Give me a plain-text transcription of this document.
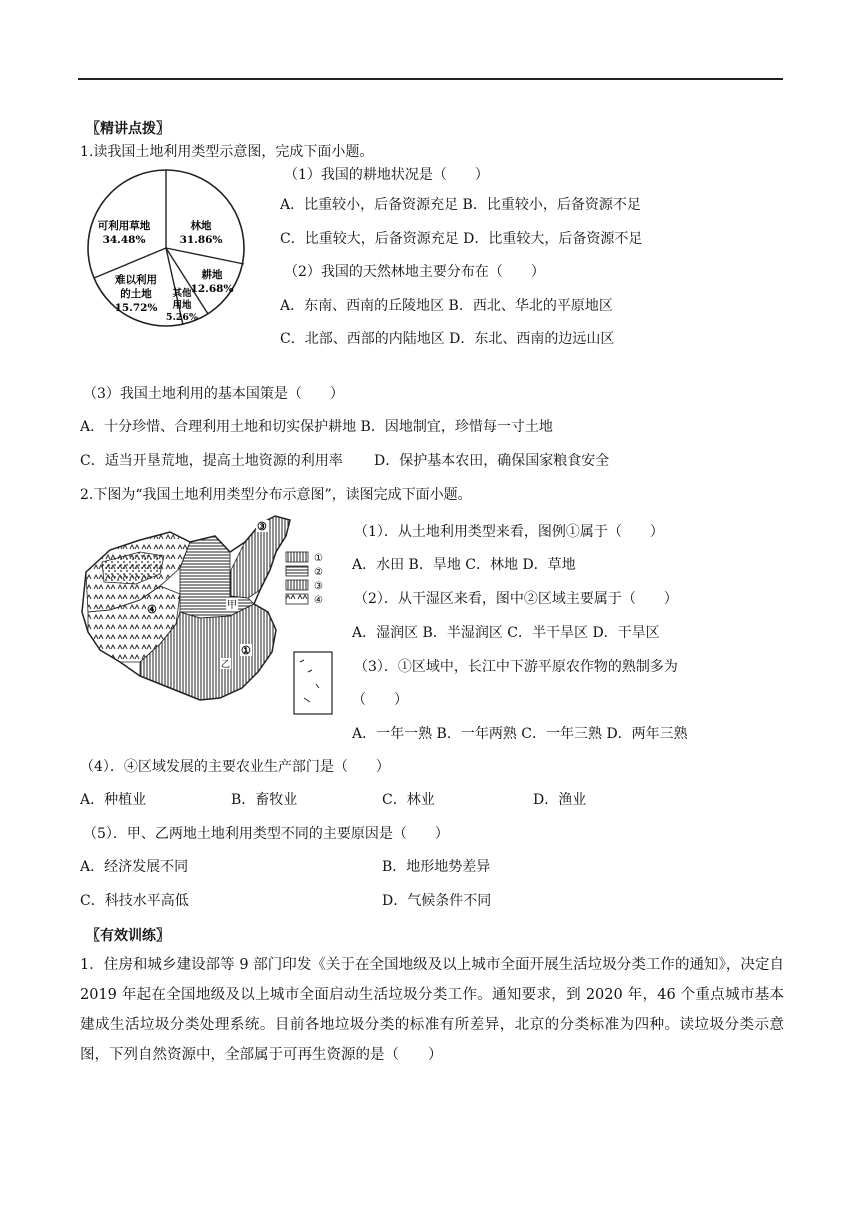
〖精讲点拨〗
1.读我国土地利用类型示意图，完成下面小题。
可利用草地
34.48%
林地
31.86%
耕地
12.68%
其他
用地
5.26%
难以利用
的土地
15.72%
（1）我国的耕地状况是（　　）
A．比重较小，后备资源充足 B．比重较小，后备资源不足
C．比重较大，后备资源充足 D．比重较大，后备资源不足
（2）我国的天然林地主要分布在（　　）
A．东南、西南的丘陵地区 B．西北、华北的平原地区
C．北部、西部的内陆地区 D．东北、西南的边远山区
（3）我国土地利用的基本国策是（　　）
A．十分珍惜、合理利用土地和切实保护耕地 B．因地制宜，珍惜每一寸土地
C．适当开垦荒地，提高土地资源的利用率 D．保护基本农田，确保国家粮食安全
2.下图为“我国土地利用类型分布示意图”，读图完成下面小题。
①
②
③
④
③
④	甲
①
乙
（1）．从土地利用类型来看，图例①属于（　　）
A．水田 B．旱地 C．林地 D．草地
（2）．从干湿区来看，图中②区域主要属于（　　）
A．湿润区 B．半湿润区 C．半干旱区 D．干旱区
（3）．①区域中，长江中下游平原农作物的熟制多为
（　　）
A．一年一熟 B．一年两熟 C．一年三熟 D．两年三熟
（4）．④区域发展的主要农业生产部门是（　　）
A．种植业	B．畜牧业	C．林业	D．渔业
（5）．甲、乙两地土地利用类型不同的主要原因是（　　）
A．经济发展不同	B．地形地势差异
C．科技水平高低	D．气候条件不同
〖有效训练〗
1．住房和城乡建设部等 9 部门印发《关于在全国地级及以上城市全面开展生活垃圾分类工作的通知》，决定自 2019 年起在全国地级及以上城市全面启动生活垃圾分类工作。通知要求，到 2020 年，46 个重点城市基本建成生活垃圾分类处理系统。目前各地垃圾分类的标准有所差异，北京的分类标准为四种。读垃圾分类示意图，下列自然资源中，全部属于可再生资源的是（　　）
